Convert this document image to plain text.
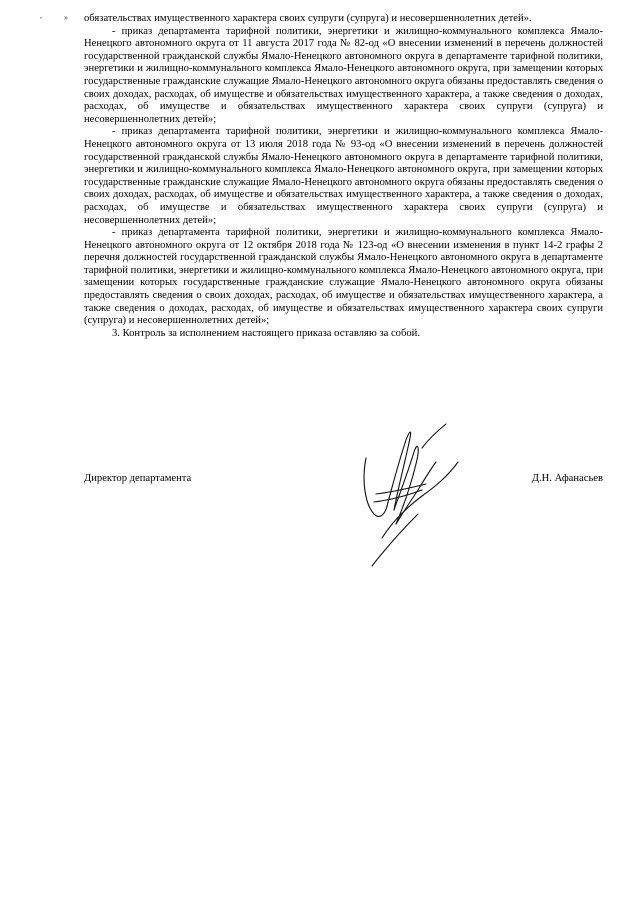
,	» обязательствах имущественного характера своих супруги (супруга) и несовершеннолетних детей».

- приказ департамента тарифной политики, энергетики и жилищно-коммунального комплекса Ямало-Ненецкого автономного округа от 11 августа 2017 года № 82-од «О внесении изменений в перечень должностей государственной гражданской службы Ямало-Ненецкого автономного округа в департаменте тарифной политики, энергетики и жилищно-коммунального комплекса Ямало-Ненецкого автономного округа, при замещении которых государственные гражданские служащие Ямало-Ненецкого автономного округа обязаны предоставлять сведения о своих доходах, расходах, об имуществе и обязательствах имущественного характера, а также сведения о доходах, расходах, об имуществе и обязательствах имущественного характера своих супруги (супруга) и несовершеннолетних детей»;

- приказ департамента тарифной политики, энергетики и жилищно-коммунального комплекса Ямало-Ненецкого автономного округа от 13 июля 2018 года № 93-од «О внесении изменений в перечень должностей государственной гражданской службы Ямало-Ненецкого автономного округа в департаменте тарифной политики, энергетики и жилищно-коммунального комплекса Ямало-Ненецкого автономного округа, при замещении которых государственные гражданские служащие Ямало-Ненецкого автономного округа обязаны предоставлять сведения о своих доходах, расходах, об имуществе и обязательствах имущественного характера, а также сведения о доходах, расходах, об имуществе и обязательствах имущественного характера своих супруги (супруга) и несовершеннолетних детей»;

- приказ департамента тарифной политики, энергетики и жилищно-коммунального комплекса Ямало-Ненецкого автономного округа от 12 октября 2018 года № 123-од «О внесении изменения в пункт 14-2 графы 2 перечня должностей государственной гражданской службы Ямало-Ненецкого автономного округа в департаменте тарифной политики, энергетики и жилищно-коммунального комплекса Ямало-Ненецкого автономного округа, при замещении которых государственные гражданские служащие Ямало-Ненецкого автономного округа обязаны предоставлять сведения о своих доходах, расходах, об имуществе и обязательствах имущественного характера, а также сведения о доходах, расходах, об имуществе и обязательствах имущественного характера своих супруги (супруга) и несовершеннолетних детей»;

3. Контроль за исполнением настоящего приказа оставляю за собой.

Директор департамента	Д.Н. Афанасьев
